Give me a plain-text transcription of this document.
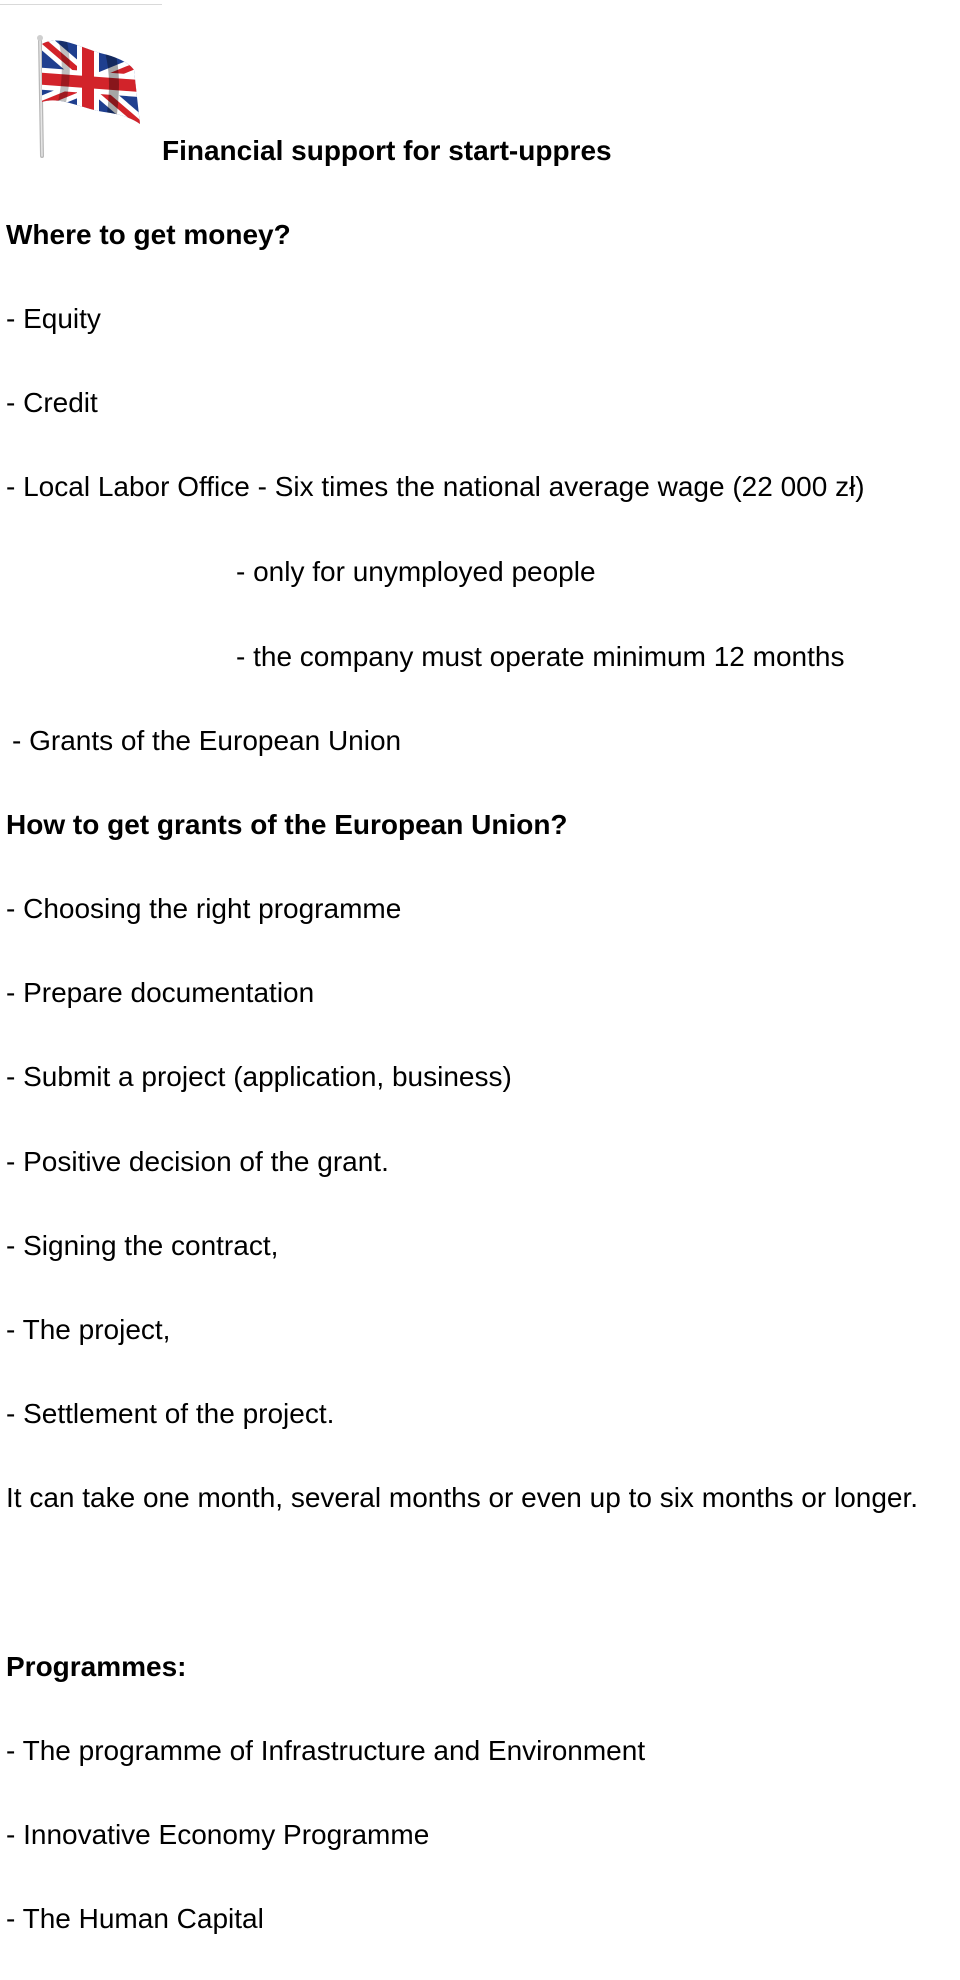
Financial support for start-uppres
Where to get money?
- Equity
- Credit
- Local Labor Office - Six times the national average wage (22 000 zł)
- only for unymployed people
- the company must operate minimum 12 months
- Grants of the European Union
How to get grants of the European Union?
- Choosing the right programme
- Prepare documentation
- Submit a project (application, business)
- Positive decision of the grant.
- Signing the contract,
- The project,
- Settlement of the project.
It can take one month, several months or even up to six months or longer.
Programmes:
- The programme of Infrastructure and Environment
- Innovative Economy Programme
- The Human Capital
